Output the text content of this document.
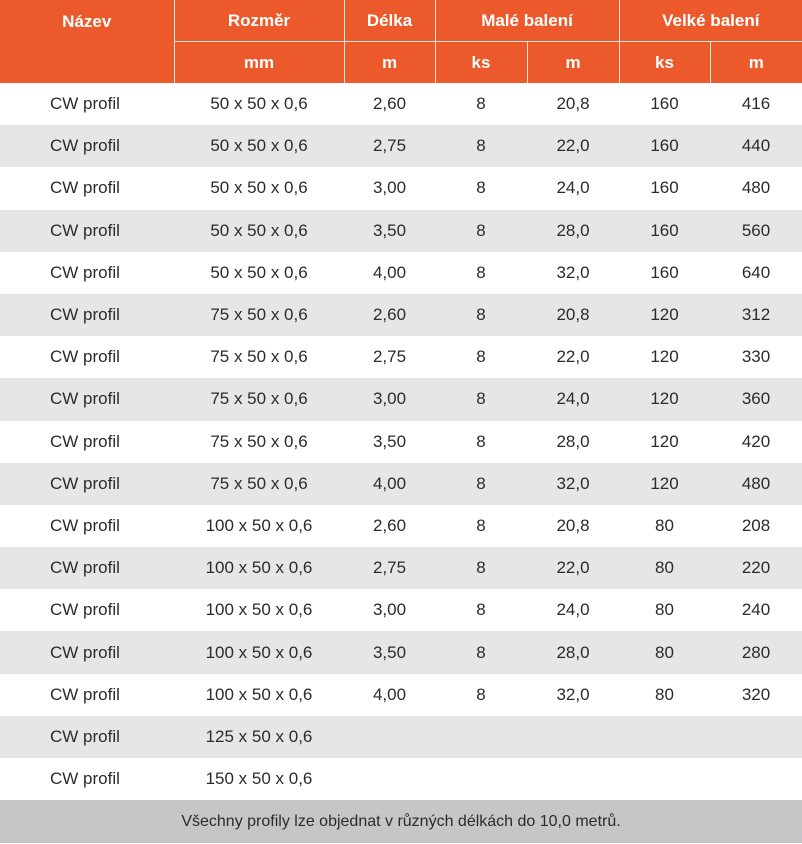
Název	Rozměr	Délka	Malé balení		Velké balení	
	mm	m	ks	m	ks	m
CW profil	50 x 50 x 0,6	2,60	8	20,8	160	416
CW profil	50 x 50 x 0,6	2,75	8	22,0	160	440
CW profil	50 x 50 x 0,6	3,00	8	24,0	160	480
CW profil	50 x 50 x 0,6	3,50	8	28,0	160	560
CW profil	50 x 50 x 0,6	4,00	8	32,0	160	640
CW profil	75 x 50 x 0,6	2,60	8	20,8	120	312
CW profil	75 x 50 x 0,6	2,75	8	22,0	120	330
CW profil	75 x 50 x 0,6	3,00	8	24,0	120	360
CW profil	75 x 50 x 0,6	3,50	8	28,0	120	420
CW profil	75 x 50 x 0,6	4,00	8	32,0	120	480
CW profil	100 x 50 x 0,6	2,60	8	20,8	80	208
CW profil	100 x 50 x 0,6	2,75	8	22,0	80	220
CW profil	100 x 50 x 0,6	3,00	8	24,0	80	240
CW profil	100 x 50 x 0,6	3,50	8	28,0	80	280
CW profil	100 x 50 x 0,6	4,00	8	32,0	80	320
CW profil	125 x 50 x 0,6					
CW profil	150 x 50 x 0,6					
Všechny profily lze objednat v různých délkách do 10,0 metrů.						
